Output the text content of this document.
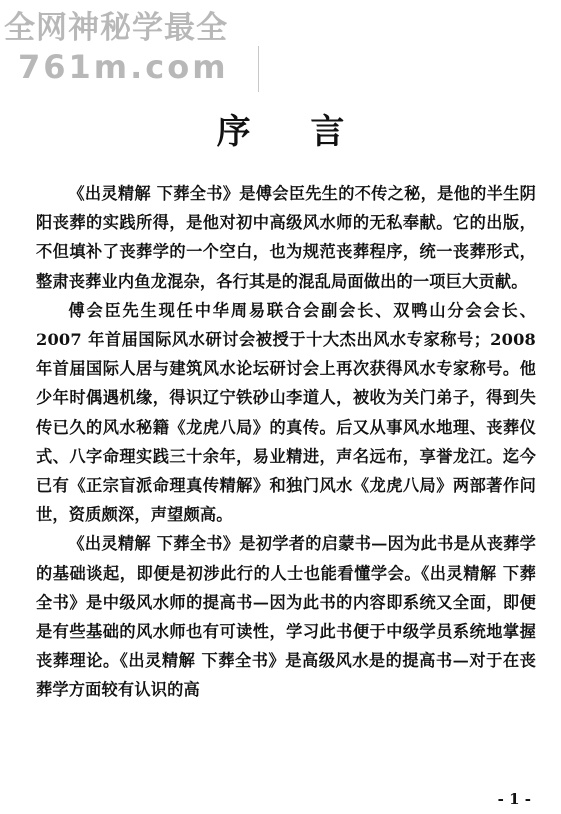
全网神秘学最全
761m.com
序 言

《出灵精解 下葬全书》是傅会臣先生的不传之秘，是他的半生阴阳丧葬的实践所得，是他对初中高级风水师的无私奉献。它的出版，不但填补了丧葬学的一个空白，也为规范丧葬程序，统一丧葬形式，整肃丧葬业内鱼龙混杂，各行其是的混乱局面做出的一项巨大贡献。

傅会臣先生现任中华周易联合会副会长、双鸭山分会会长、2007 年首届国际风水研讨会被授于十大杰出风水专家称号；2008 年首届国际人居与建筑风水论坛研讨会上再次获得风水专家称号。他少年时偶遇机缘，得识辽宁铁砂山李道人，被收为关门弟子，得到失传已久的风水秘籍《龙虎八局》的真传。后又从事风水地理、丧葬仪式、八字命理实践三十余年，易业精进，声名远布，享誉龙江。迄今已有《正宗盲派命理真传精解》和独门风水《龙虎八局》两部著作问世，资质颇深，声望颇高。

《出灵精解 下葬全书》是初学者的启蒙书—因为此书是从丧葬学的基础谈起，即便是初涉此行的人士也能看懂学会。《出灵精解 下葬全书》是中级风水师的提高书—因为此书的内容即系统又全面，即便是有些基础的风水师也有可读性，学习此书便于中级学员系统地掌握丧葬理论。《出灵精解 下葬全书》是高级风水是的提高书—对于在丧葬学方面较有认识的高

- 1 -
